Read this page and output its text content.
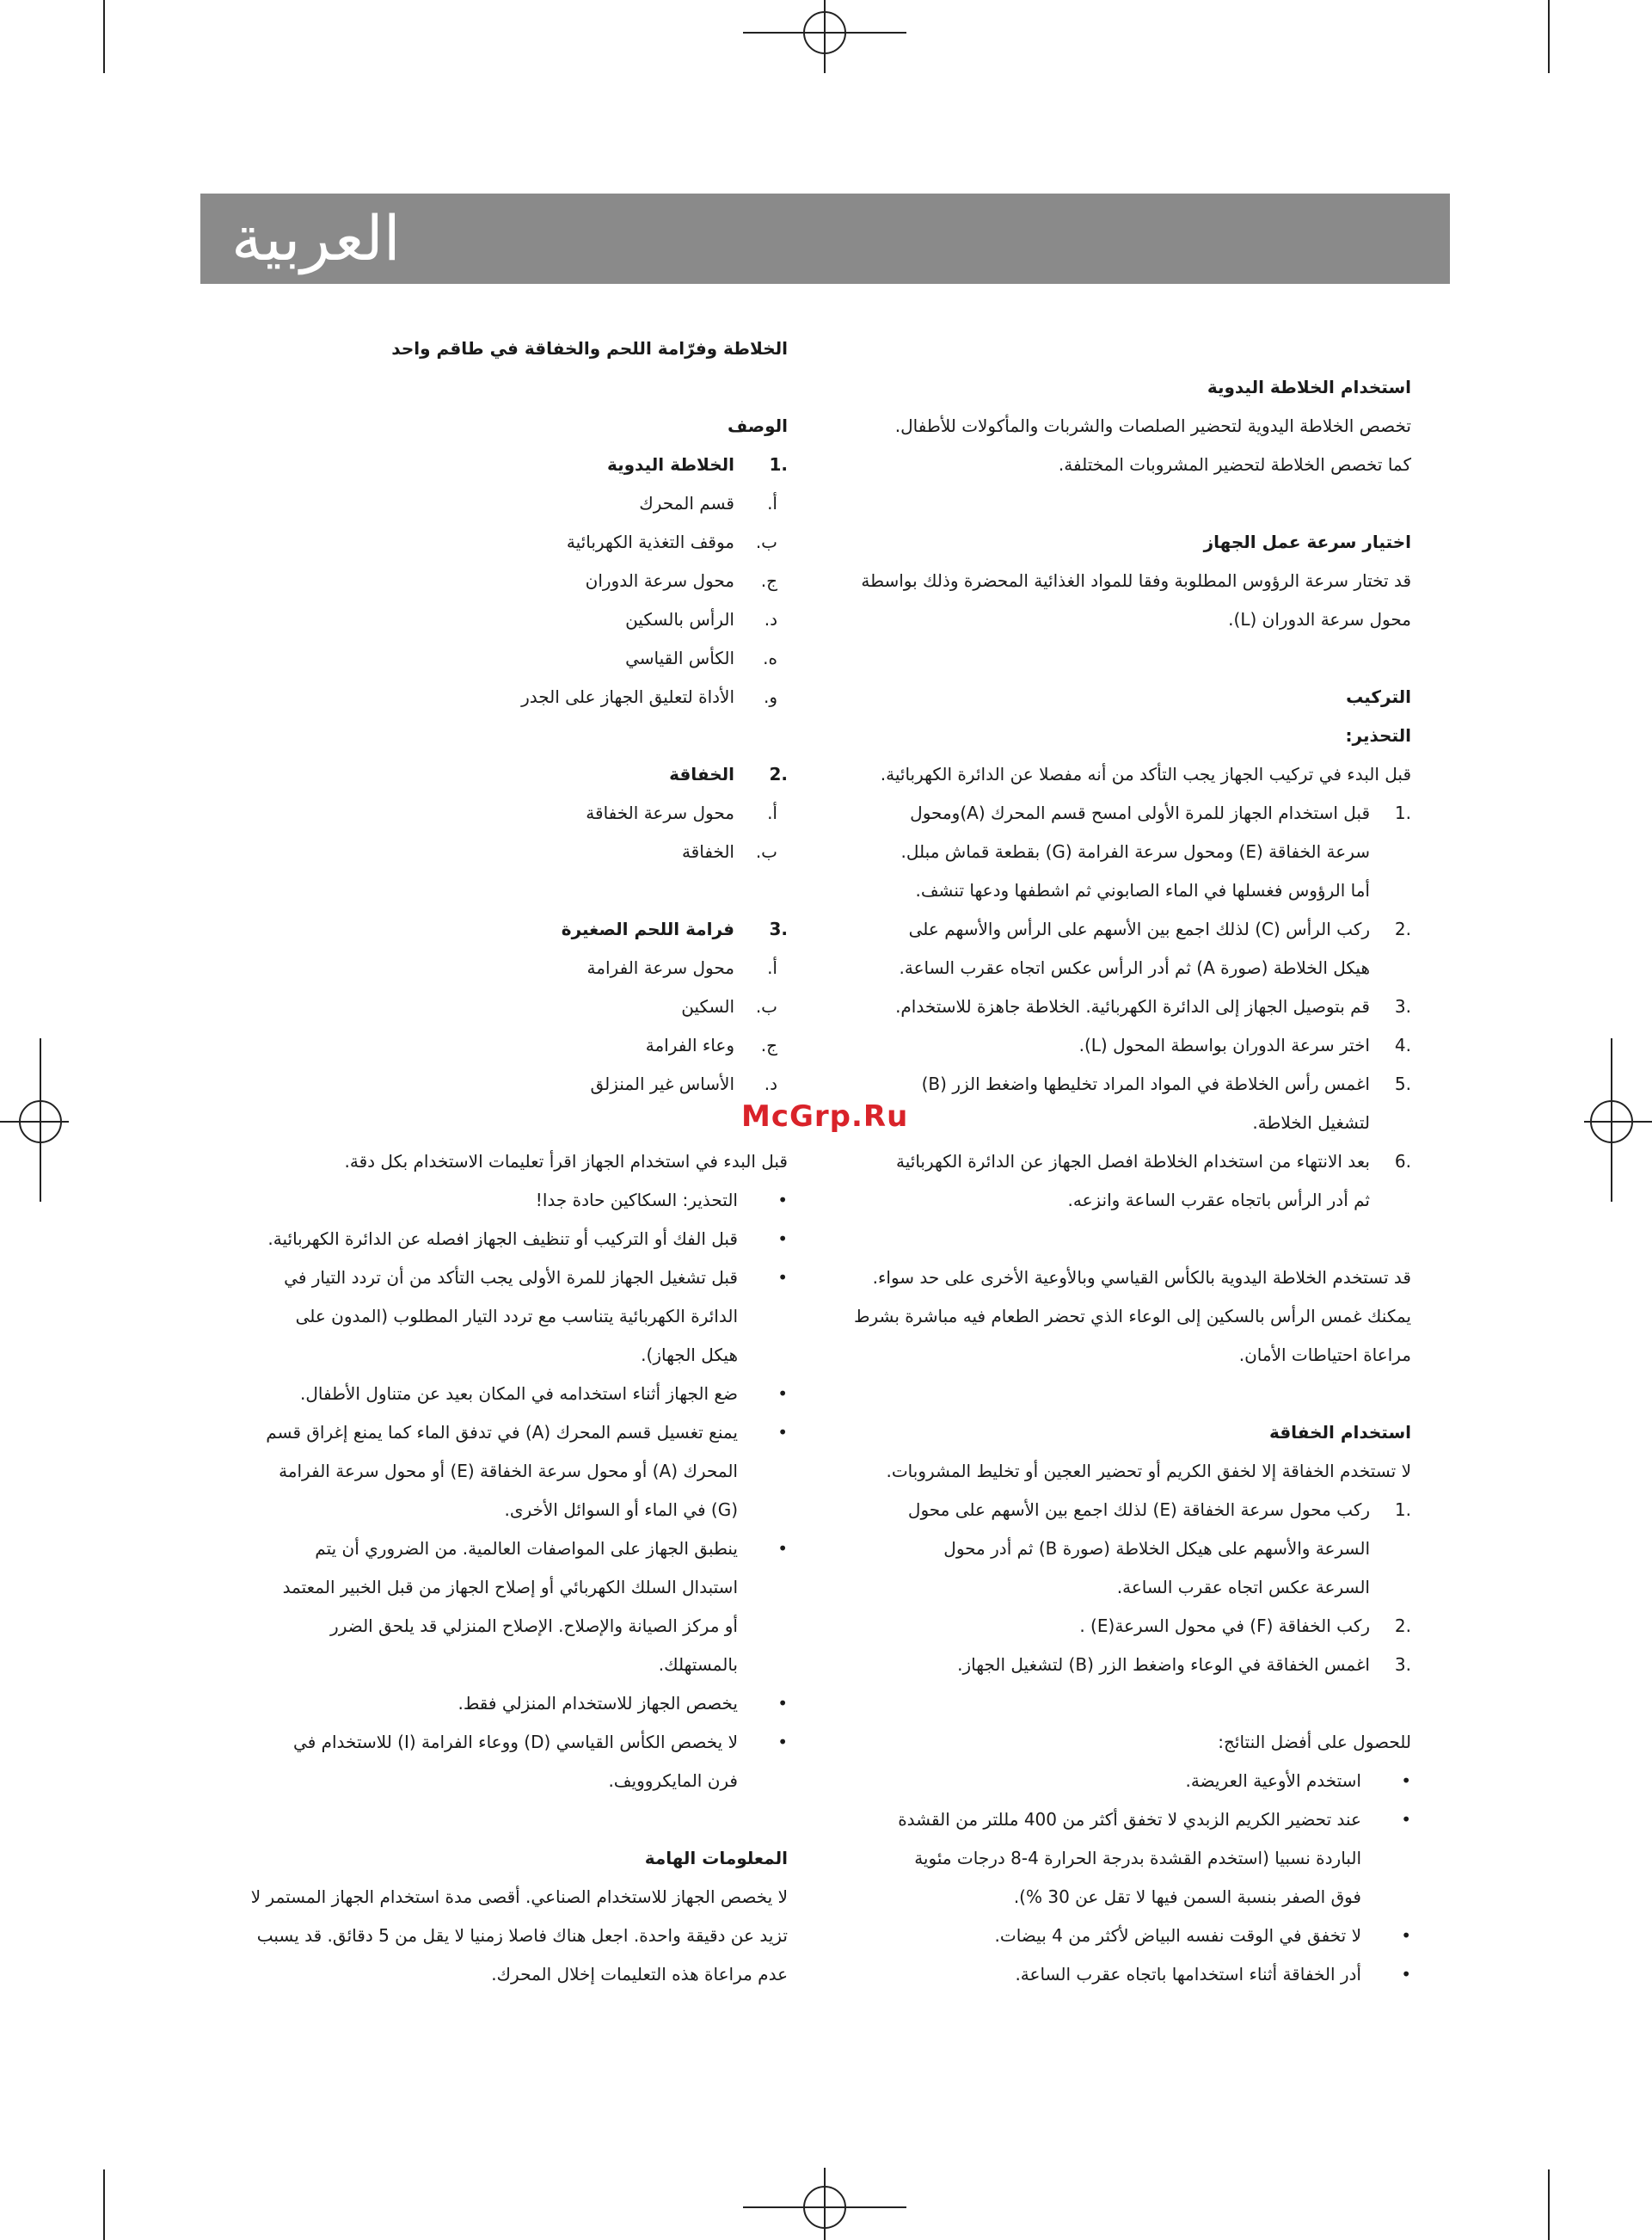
العربية
استخدام الخلاطة اليدوية
تخصص الخلاطة اليدوية لتحضير الصلصات والشربات والمأكولات للأطفال.
كما تخصص الخلاطة لتحضير المشروبات المختلفة.
اختيار سرعة عمل الجهاز
قد تختار سرعة الرؤوس المطلوبة وفقا للمواد الغذائية المحضرة وذلك بواسطة
محول سرعة الدوران (L).
التركيب
التحذير:
قبل البدء في تركيب الجهاز يجب التأكد من أنه مفصلا عن الدائرة الكهربائية.
.1قبل استخدام الجهاز للمرة الأولى امسح قسم المحرك (A)ومحول
سرعة الخفاقة (E) ومحول سرعة الفرامة (G) بقطعة قماش مبلل.
أما الرؤوس فغسلها في الماء الصابوني ثم اشطفها ودعها تنشف.
.2ركب الرأس (C) لذلك اجمع بين الأسهم على الرأس والأسهم على
هيكل الخلاطة (صورة A) ثم أدر الرأس عكس اتجاه عقرب الساعة.
.3قم بتوصيل الجهاز إلى الدائرة الكهربائية. الخلاطة جاهزة للاستخدام.
.4اختر سرعة الدوران بواسطة المحول (L).
.5اغمس رأس الخلاطة في المواد المراد تخليطها واضغط الزر (B)
لتشغيل الخلاطة.
.6بعد الانتهاء من استخدام الخلاطة افصل الجهاز عن الدائرة الكهربائية
ثم أدر الرأس باتجاه عقرب الساعة وانزعه.
قد تستخدم الخلاطة اليدوية بالكأس القياسي وبالأوعية الأخرى على حد سواء.
يمكنك غمس الرأس بالسكين إلى الوعاء الذي تحضر الطعام فيه مباشرة بشرط
مراعاة احتياطات الأمان.
استخدام الخفاقة
لا تستخدم الخفاقة إلا لخفق الكريم أو تحضير العجين أو تخليط المشروبات.
.1ركب محول سرعة الخفاقة (E) لذلك اجمع بين الأسهم على محول
السرعة والأسهم على هيكل الخلاطة (صورة B) ثم أدر محول
السرعة عكس اتجاه عقرب الساعة.
.2ركب الخفاقة (F) في محول السرعة(E) .
.3اغمس الخفاقة في الوعاء واضغط الزر (B) لتشغيل الجهاز.
للحصول على أفضل النتائج:
•استخدم الأوعية العريضة.
•عند تحضير الكريم الزبدي لا تخفق أكثر من 400 مللتر من القشدة
الباردة نسبيا (استخدم القشدة بدرجة الحرارة 4-8 درجات مئوية
فوق الصفر بنسبة السمن فيها لا تقل عن 30 %).
•لا تخفق في الوقت نفسه البياض لأكثر من 4 بيضات.
•أدر الخفاقة أثناء استخدامها باتجاه عقرب الساعة.
الخلاطة وفرّامة اللحم والخفاقة في طاقم واحد
الوصف
.1الخلاطة اليدوية
أ.قسم المحرك
ب.موقف التغذية الكهربائية
ج.محول سرعة الدوران
د.الرأس بالسكين
ه.الكأس القياسي
و.الأداة لتعليق الجهاز على الجدر
.2الخفاقة
أ.محول سرعة الخفاقة
ب.الخفاقة
.3فرامة اللحم الصغيرة
أ.محول سرعة الفرامة
ب.السكين
ج.وعاء الفرامة
د.الأساس غير المنزلق
قبل البدء في استخدام الجهاز اقرأ تعليمات الاستخدام بكل دقة.
•التحذير: السكاكين حادة جدا!
•قبل الفك أو التركيب أو تنظيف الجهاز افصله عن الدائرة الكهربائية.
•قبل تشغيل الجهاز للمرة الأولى يجب التأكد من أن تردد التيار في
الدائرة الكهربائية يتناسب مع تردد التيار المطلوب (المدون على
هيكل الجهاز).
•ضع الجهاز أثناء استخدامه في المكان بعيد عن متناول الأطفال.
•يمنع تغسيل قسم المحرك (A) في تدفق الماء كما يمنع إغراق قسم
المحرك (A) أو محول سرعة الخفاقة (E) أو محول سرعة الفرامة
(G) في الماء أو السوائل الأخرى.
•ينطبق الجهاز على المواصفات العالمية. من الضروري أن يتم
استبدال السلك الكهربائي أو إصلاح الجهاز من قبل الخبير المعتمد
أو مركز الصيانة والإصلاح. الإصلاح المنزلي قد يلحق الضرر
بالمستهلك.
•يخصص الجهاز للاستخدام المنزلي فقط.
•لا يخصص الكأس القياسي (D) ووعاء الفرامة (I) للاستخدام في
فرن المايكروويف.
المعلومات الهامة
لا يخصص الجهاز للاستخدام الصناعي. أقصى مدة استخدام الجهاز المستمر لا
تزيد عن دقيقة واحدة. اجعل هناك فاصلا زمنيا لا يقل من 5 دقائق. قد يسبب
عدم مراعاة هذه التعليمات إخلال المحرك.
McGrp.Ru
